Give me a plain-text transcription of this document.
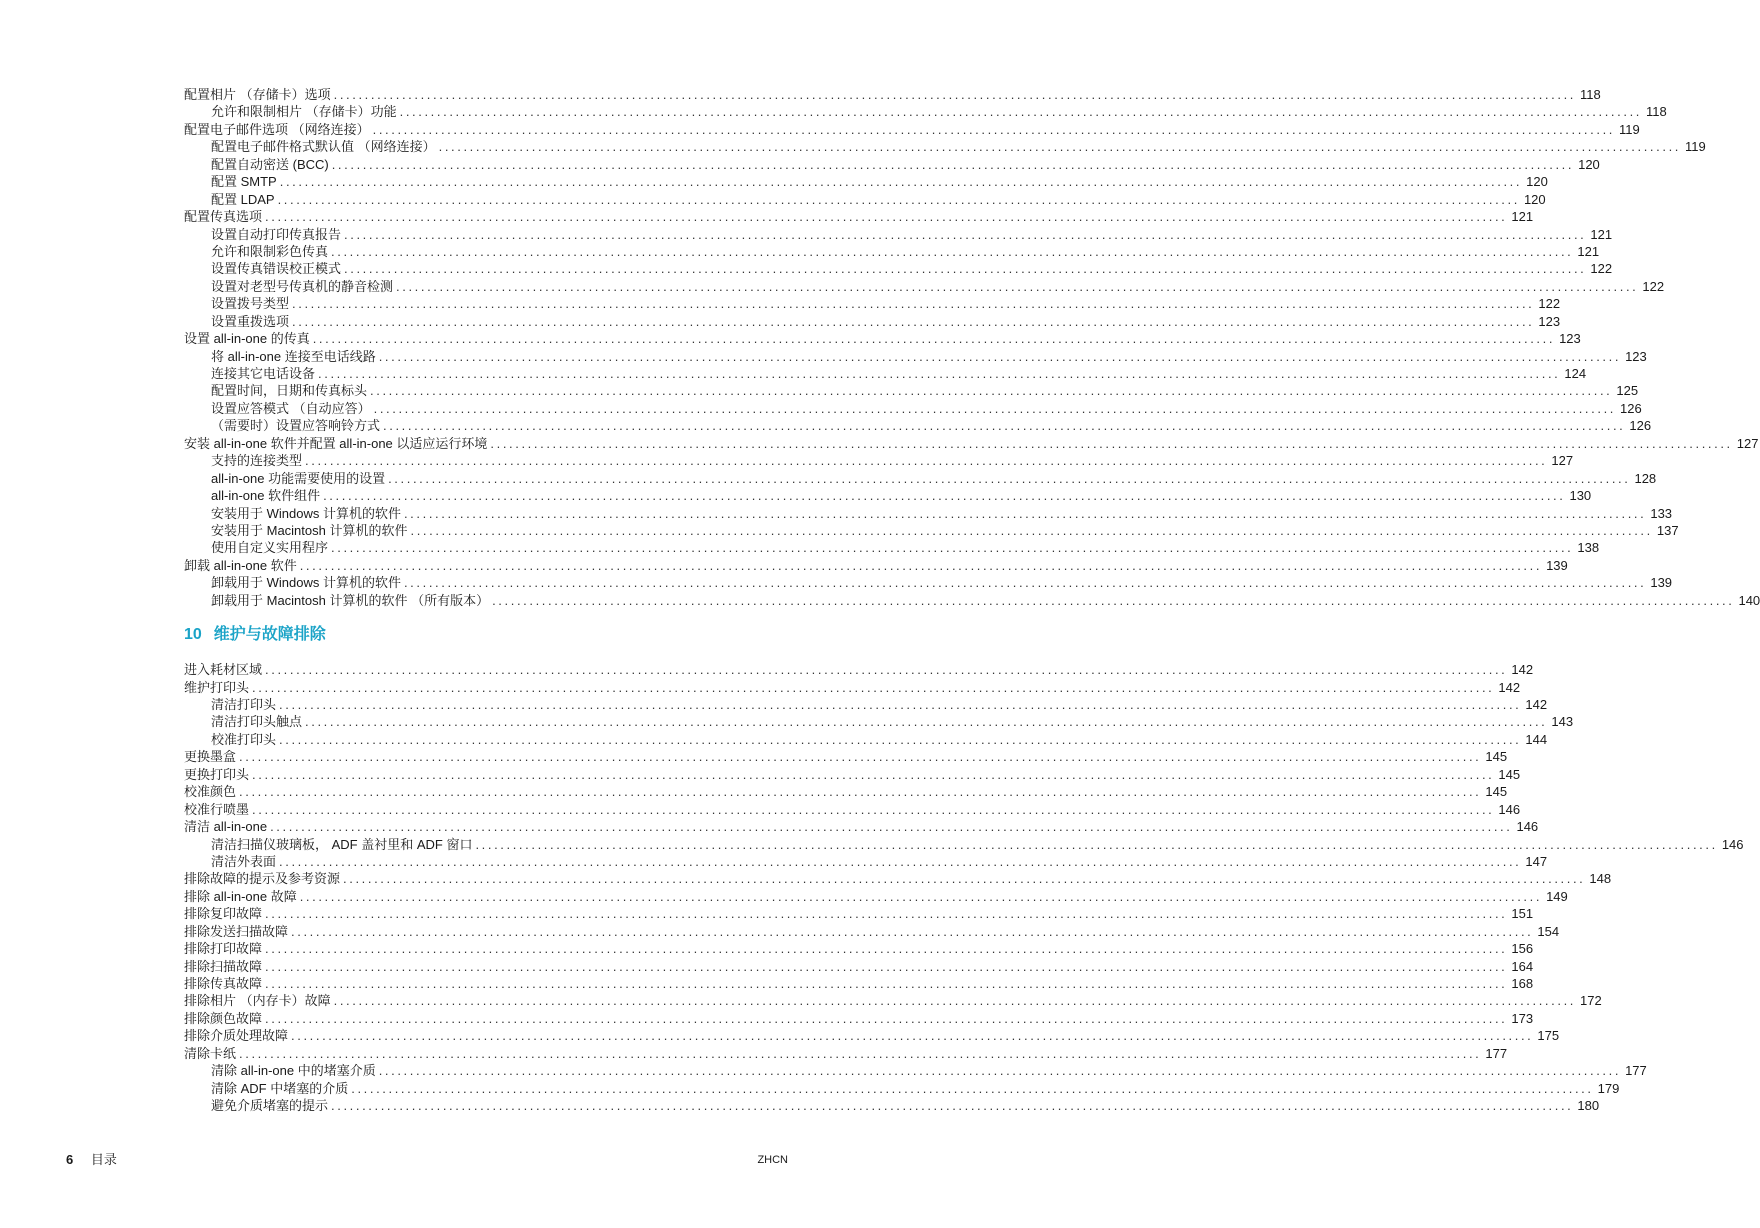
配置相片 （存储卡）选项 ........................................................................................................................................................................................................ 118
允许和限制相片 （存储卡）功能 ........................................................................................................................................................................................................ 118
配置电子邮件选项 （网络连接） ........................................................................................................................................................................................................ 119
配置电子邮件格式默认值 （网络连接） ........................................................................................................................................................................................................ 119
配置自动密送 (BCC) ........................................................................................................................................................................................................ 120
配置 SMTP ........................................................................................................................................................................................................ 120
配置 LDAP ........................................................................................................................................................................................................ 120
配置传真选项 ........................................................................................................................................................................................................ 121
设置自动打印传真报告 ........................................................................................................................................................................................................ 121
允许和限制彩色传真 ........................................................................................................................................................................................................ 121
设置传真错误校正模式 ........................................................................................................................................................................................................ 122
设置对老型号传真机的静音检测 ........................................................................................................................................................................................................ 122
设置拨号类型 ........................................................................................................................................................................................................ 122
设置重拨选项 ........................................................................................................................................................................................................ 123
设置 all-in-one 的传真 ........................................................................................................................................................................................................ 123
将 all-in-one 连接至电话线路 ........................................................................................................................................................................................................ 123
连接其它电话设备 ........................................................................................................................................................................................................ 124
配置时间，日期和传真标头 ........................................................................................................................................................................................................ 125
设置应答模式 （自动应答） ........................................................................................................................................................................................................ 126
（需要时）设置应答响铃方式 ........................................................................................................................................................................................................ 126
安装 all-in-one 软件并配置 all-in-one 以适应运行环境 ........................................................................................................................................................................................................ 127
支持的连接类型 ........................................................................................................................................................................................................ 127
all-in-one 功能需要使用的设置 ........................................................................................................................................................................................................ 128
all-in-one 软件组件 ........................................................................................................................................................................................................ 130
安装用于 Windows 计算机的软件 ........................................................................................................................................................................................................ 133
安装用于 Macintosh 计算机的软件 ........................................................................................................................................................................................................ 137
使用自定义实用程序 ........................................................................................................................................................................................................ 138
卸载 all-in-one 软件 ........................................................................................................................................................................................................ 139
卸载用于 Windows 计算机的软件 ........................................................................................................................................................................................................ 139
卸载用于 Macintosh 计算机的软件 （所有版本） ........................................................................................................................................................................................................ 140
10 维护与故障排除
进入耗材区域 ........................................................................................................................................................................................................ 142
维护打印头 ........................................................................................................................................................................................................ 142
清洁打印头 ........................................................................................................................................................................................................ 142
清洁打印头触点 ........................................................................................................................................................................................................ 143
校准打印头 ........................................................................................................................................................................................................ 144
更换墨盒 ........................................................................................................................................................................................................ 145
更换打印头 ........................................................................................................................................................................................................ 145
校准颜色 ........................................................................................................................................................................................................ 145
校准行喷墨 ........................................................................................................................................................................................................ 146
清洁 all-in-one ........................................................................................................................................................................................................ 146
清洁扫描仪玻璃板， ADF 盖衬里和 ADF 窗口 ........................................................................................................................................................................................................ 146
清洁外表面 ........................................................................................................................................................................................................ 147
排除故障的提示及参考资源 ........................................................................................................................................................................................................ 148
排除 all-in-one 故障 ........................................................................................................................................................................................................ 149
排除复印故障 ........................................................................................................................................................................................................ 151
排除发送扫描故障 ........................................................................................................................................................................................................ 154
排除打印故障 ........................................................................................................................................................................................................ 156
排除扫描故障 ........................................................................................................................................................................................................ 164
排除传真故障 ........................................................................................................................................................................................................ 168
排除相片 （内存卡）故障 ........................................................................................................................................................................................................ 172
排除颜色故障 ........................................................................................................................................................................................................ 173
排除介质处理故障 ........................................................................................................................................................................................................ 175
清除卡纸 ........................................................................................................................................................................................................ 177
清除 all-in-one 中的堵塞介质 ........................................................................................................................................................................................................ 177
清除 ADF 中堵塞的介质 ........................................................................................................................................................................................................ 179
避免介质堵塞的提示 ........................................................................................................................................................................................................ 180
6 目录	ZHCN
